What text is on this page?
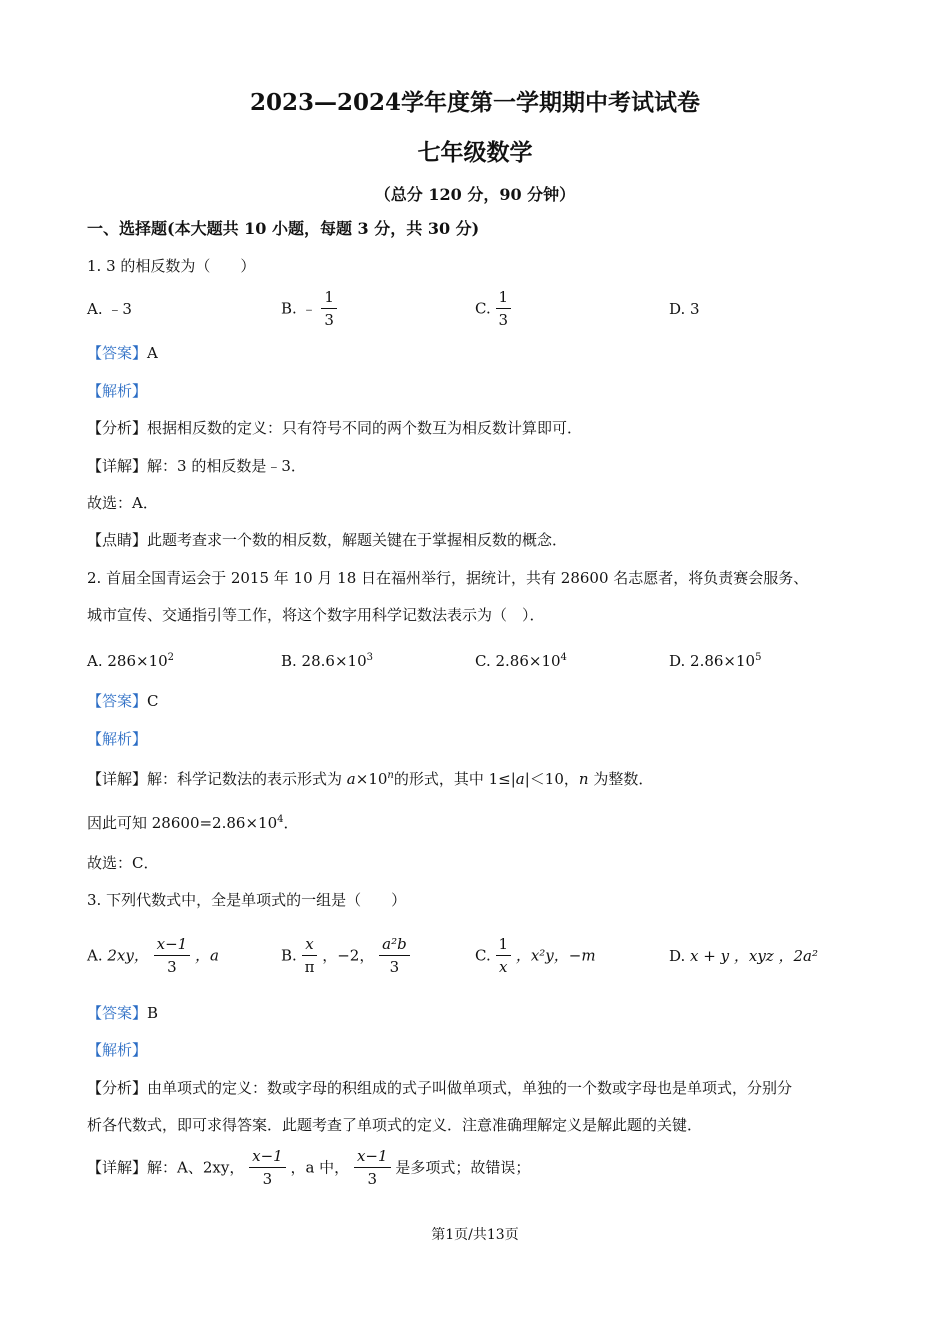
2023—2024学年度第一学期期中考试试卷
七年级数学
（总分 120 分，90 分钟）
一、选择题(本大题共 10 小题，每题 3 分，共 30 分)
1. 3 的相反数为（　　）
A. ﹣3	B. ﹣ $\frac{1}{3}$	C. $\frac{1}{3}$	D. 3
【答案】A
【解析】
【分析】根据相反数的定义：只有符号不同的两个数互为相反数计算即可．
【详解】解：3 的相反数是﹣3．
故选：A．
【点睛】此题考查求一个数的相反数，解题关键在于掌握相反数的概念．
2. 首届全国青运会于 2015 年 10 月 18 日在福州举行，据统计，共有 28600 名志愿者，将负责赛会服务、
城市宣传、交通指引等工作，将这个数字用科学记数法表示为（　）．
A. $286\times 10^2$	B. $28.6\times 10^3$	C. $2.86\times 10^4$	D. $2.86\times 10^5$
【答案】C
【解析】
【详解】解：科学记数法的表示形式为 $a\times 10^n$的形式，其中 1≤|a|＜10，n 为整数．
因此可知 $28600=2.86\times 10^4$．
故选：C．
3. 下列代数式中，全是单项式的一组是（　　）
A. 2xy， $\frac{x-1}{3}$ ，a	B. $\frac{x}{\pi}$ ，−2， $\frac{\text{a²b}}{3}$	C. $\frac{1}{x}$ ，x²y，−m	D. x + y ，xyz ，2a²
【答案】B
【解析】
【分析】由单项式的定义：数或字母的积组成的式子叫做单项式，单独的一个数或字母也是单项式，分别分
析各代数式，即可求得答案．此题考查了单项式的定义．注意准确理解定义是解此题的关键．
【详解】解：A、2xy， $\frac{x-1}{3}$ ，a 中， $\frac{x-1}{3}$ 是多项式；故错误；
第1页/共13页
